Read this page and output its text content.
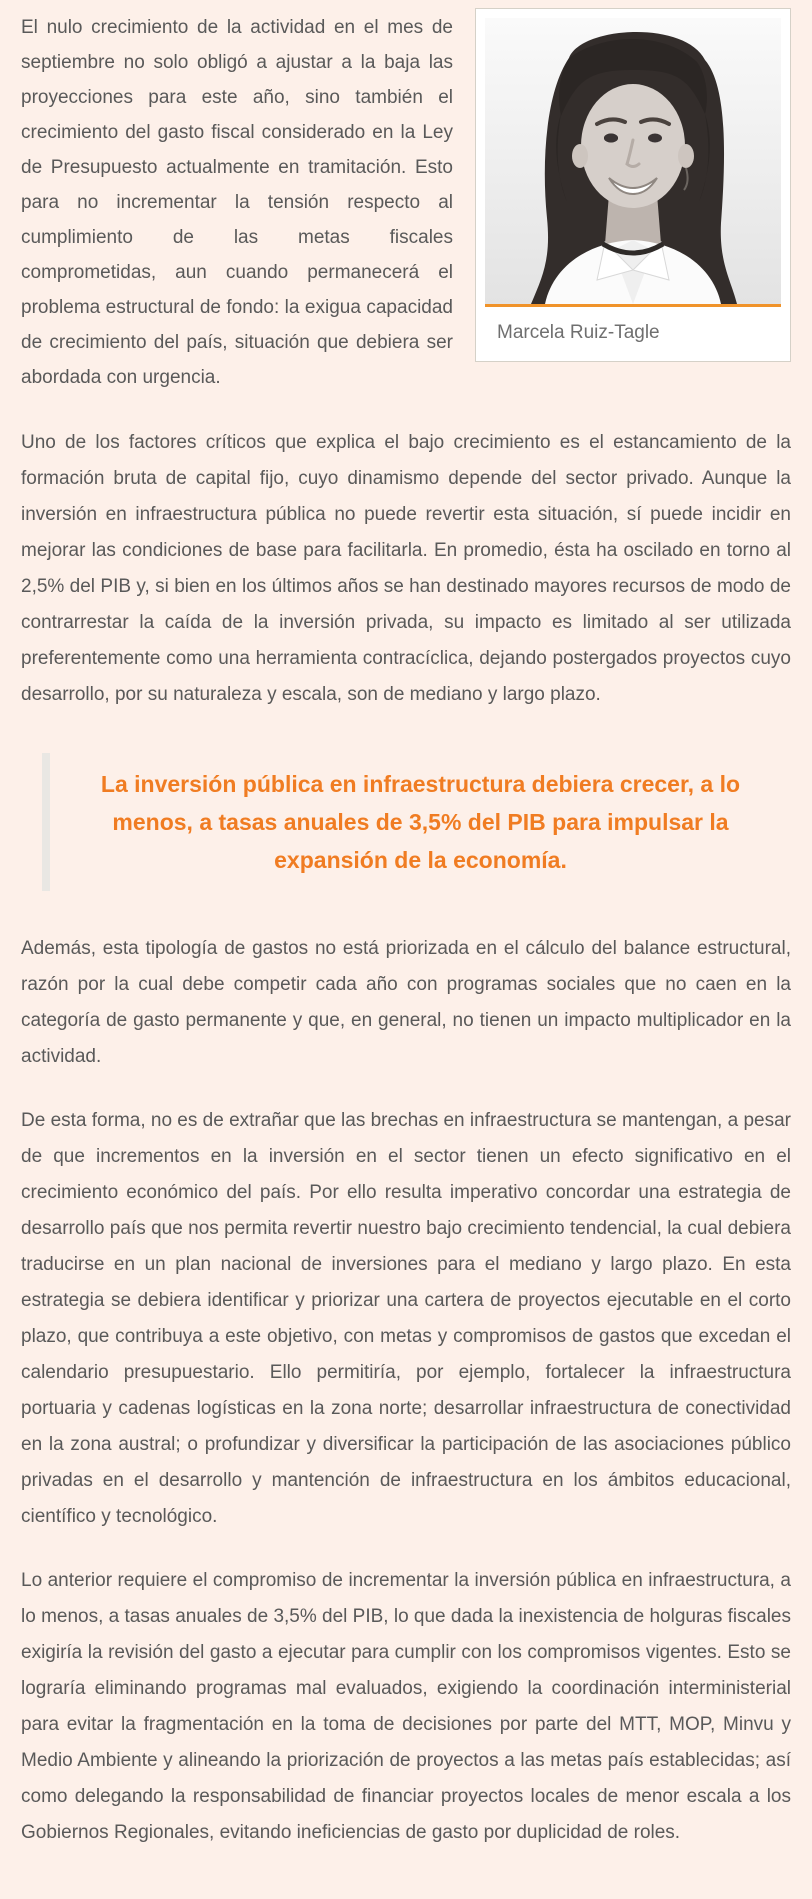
Marcela Ruiz-Tagle

El nulo crecimiento de la actividad en el mes de septiembre no solo obligó a ajustar a la baja las proyecciones para este año, sino también el crecimiento del gasto fiscal considerado en la Ley de Presupuesto actualmente en tramitación. Esto para no incrementar la tensión respecto al cumplimiento de las metas fiscales comprometidas, aun cuando permanecerá el problema estructural de fondo: la exigua capacidad de crecimiento del país, situación que debiera ser abordada con urgencia.

Uno de los factores críticos que explica el bajo crecimiento es el estancamiento de la formación bruta de capital fijo, cuyo dinamismo depende del sector privado. Aunque la inversión en infraestructura pública no puede revertir esta situación, sí puede incidir en mejorar las condiciones de base para facilitarla. En promedio, ésta ha oscilado en torno al 2,5% del PIB y, si bien en los últimos años se han destinado mayores recursos de modo de contrarrestar la caída de la inversión privada, su impacto es limitado al ser utilizada preferentemente como una herramienta contracíclica, dejando postergados proyectos cuyo desarrollo, por su naturaleza y escala, son de mediano y largo plazo.

La inversión pública en infraestructura debiera crecer, a lo menos, a tasas anuales de 3,5% del PIB para impulsar la expansión de la economía.

Además, esta tipología de gastos no está priorizada en el cálculo del balance estructural, razón por la cual debe competir cada año con programas sociales que no caen en la categoría de gasto permanente y que, en general, no tienen un impacto multiplicador en la actividad.

De esta forma, no es de extrañar que las brechas en infraestructura se mantengan, a pesar de que incrementos en la inversión en el sector tienen un efecto significativo en el crecimiento económico del país. Por ello resulta imperativo concordar una estrategia de desarrollo país que nos permita revertir nuestro bajo crecimiento tendencial, la cual debiera traducirse en un plan nacional de inversiones para el mediano y largo plazo. En esta estrategia se debiera identificar y priorizar una cartera de proyectos ejecutable en el corto plazo, que contribuya a este objetivo, con metas y compromisos de gastos que excedan el calendario presupuestario. Ello permitiría, por ejemplo, fortalecer la infraestructura portuaria y cadenas logísticas en la zona norte; desarrollar infraestructura de conectividad en la zona austral; o profundizar y diversificar la participación de las asociaciones público privadas en el desarrollo y mantención de infraestructura en los ámbitos educacional, científico y tecnológico.

Lo anterior requiere el compromiso de incrementar la inversión pública en infraestructura, a lo menos, a tasas anuales de 3,5% del PIB, lo que dada la inexistencia de holguras fiscales exigiría la revisión del gasto a ejecutar para cumplir con los compromisos vigentes. Esto se lograría eliminando programas mal evaluados, exigiendo la coordinación interministerial para evitar la fragmentación en la toma de decisiones por parte del MTT, MOP, Minvu y Medio Ambiente y alineando la priorización de proyectos a las metas país establecidas; así como delegando la responsabilidad de financiar proyectos locales de menor escala a los Gobiernos Regionales, evitando ineficiencias de gasto por duplicidad de roles.
